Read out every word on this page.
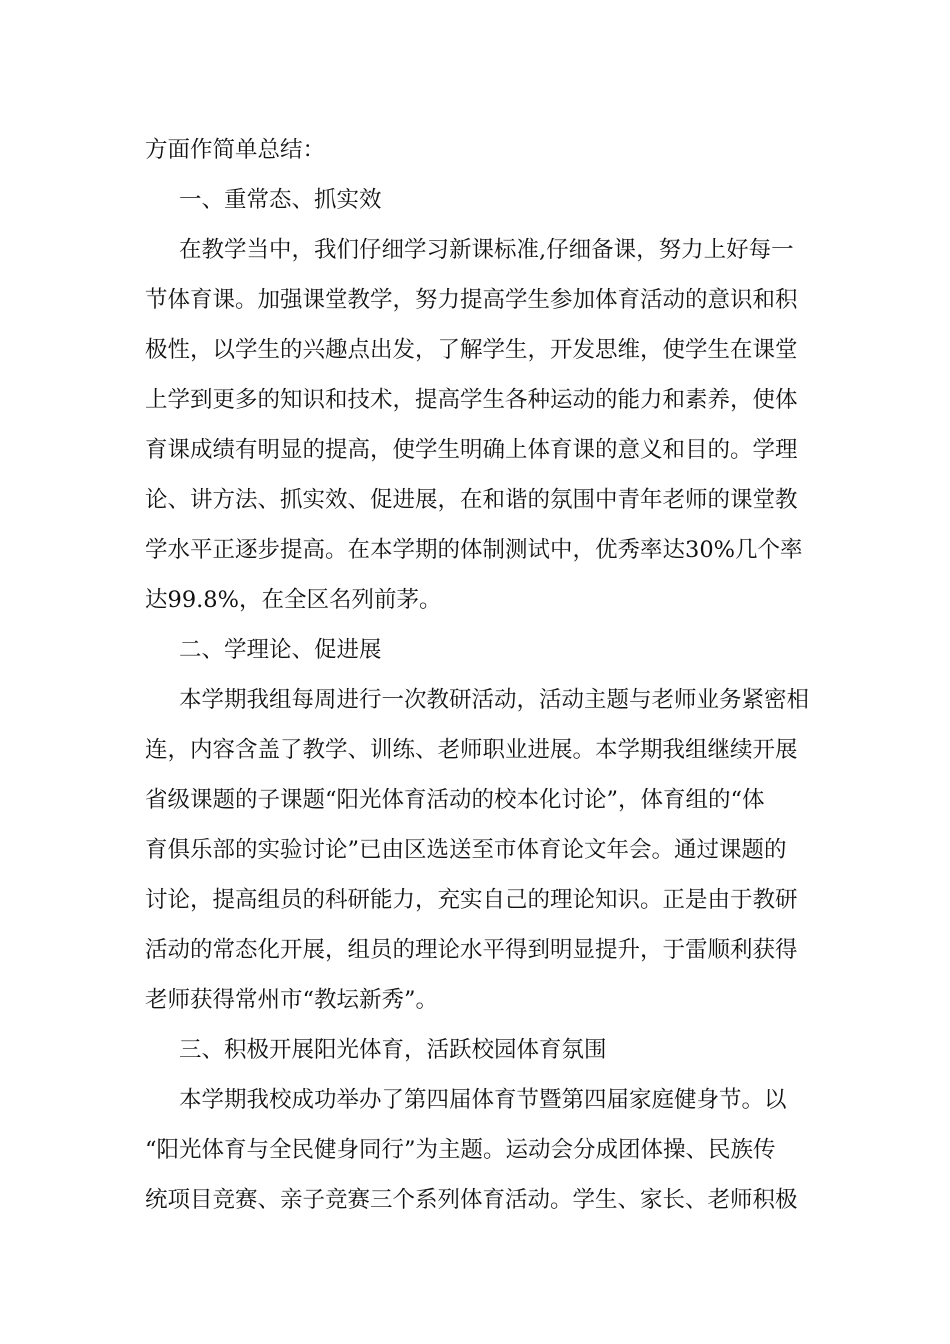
方面作简单总结：

一、重常态、抓实效

在教学当中，我们仔细学习新课标准,仔细备课，努力上好每一

节体育课。加强课堂教学，努力提高学生参加体育活动的意识和积

极性，以学生的兴趣点出发，了解学生，开发思维，使学生在课堂

上学到更多的知识和技术，提高学生各种运动的能力和素养，使体

育课成绩有明显的提高，使学生明确上体育课的意义和目的。学理

论、讲方法、抓实效、促进展，在和谐的氛围中青年老师的课堂教

学水平正逐步提高。在本学期的体制测试中，优秀率达30%几个率

达99.8%，在全区名列前茅。

二、学理论、促进展

本学期我组每周进行一次教研活动，活动主题与老师业务紧密相

连，内容含盖了教学、训练、老师职业进展。本学期我组继续开展

省级课题的子课题“阳光体育活动的校本化讨论”，体育组的“体

育俱乐部的实验讨论”已由区选送至市体育论文年会。通过课题的

讨论，提高组员的科研能力，充实自己的理论知识。正是由于教研

活动的常态化开展，组员的理论水平得到明显提升，于雷顺利获得

老师获得常州市“教坛新秀”。

三、积极开展阳光体育，活跃校园体育氛围

本学期我校成功举办了第四届体育节暨第四届家庭健身节。以

“阳光体育与全民健身同行”为主题。运动会分成团体操、民族传

统项目竞赛、亲子竞赛三个系列体育活动。学生、家长、老师积极
